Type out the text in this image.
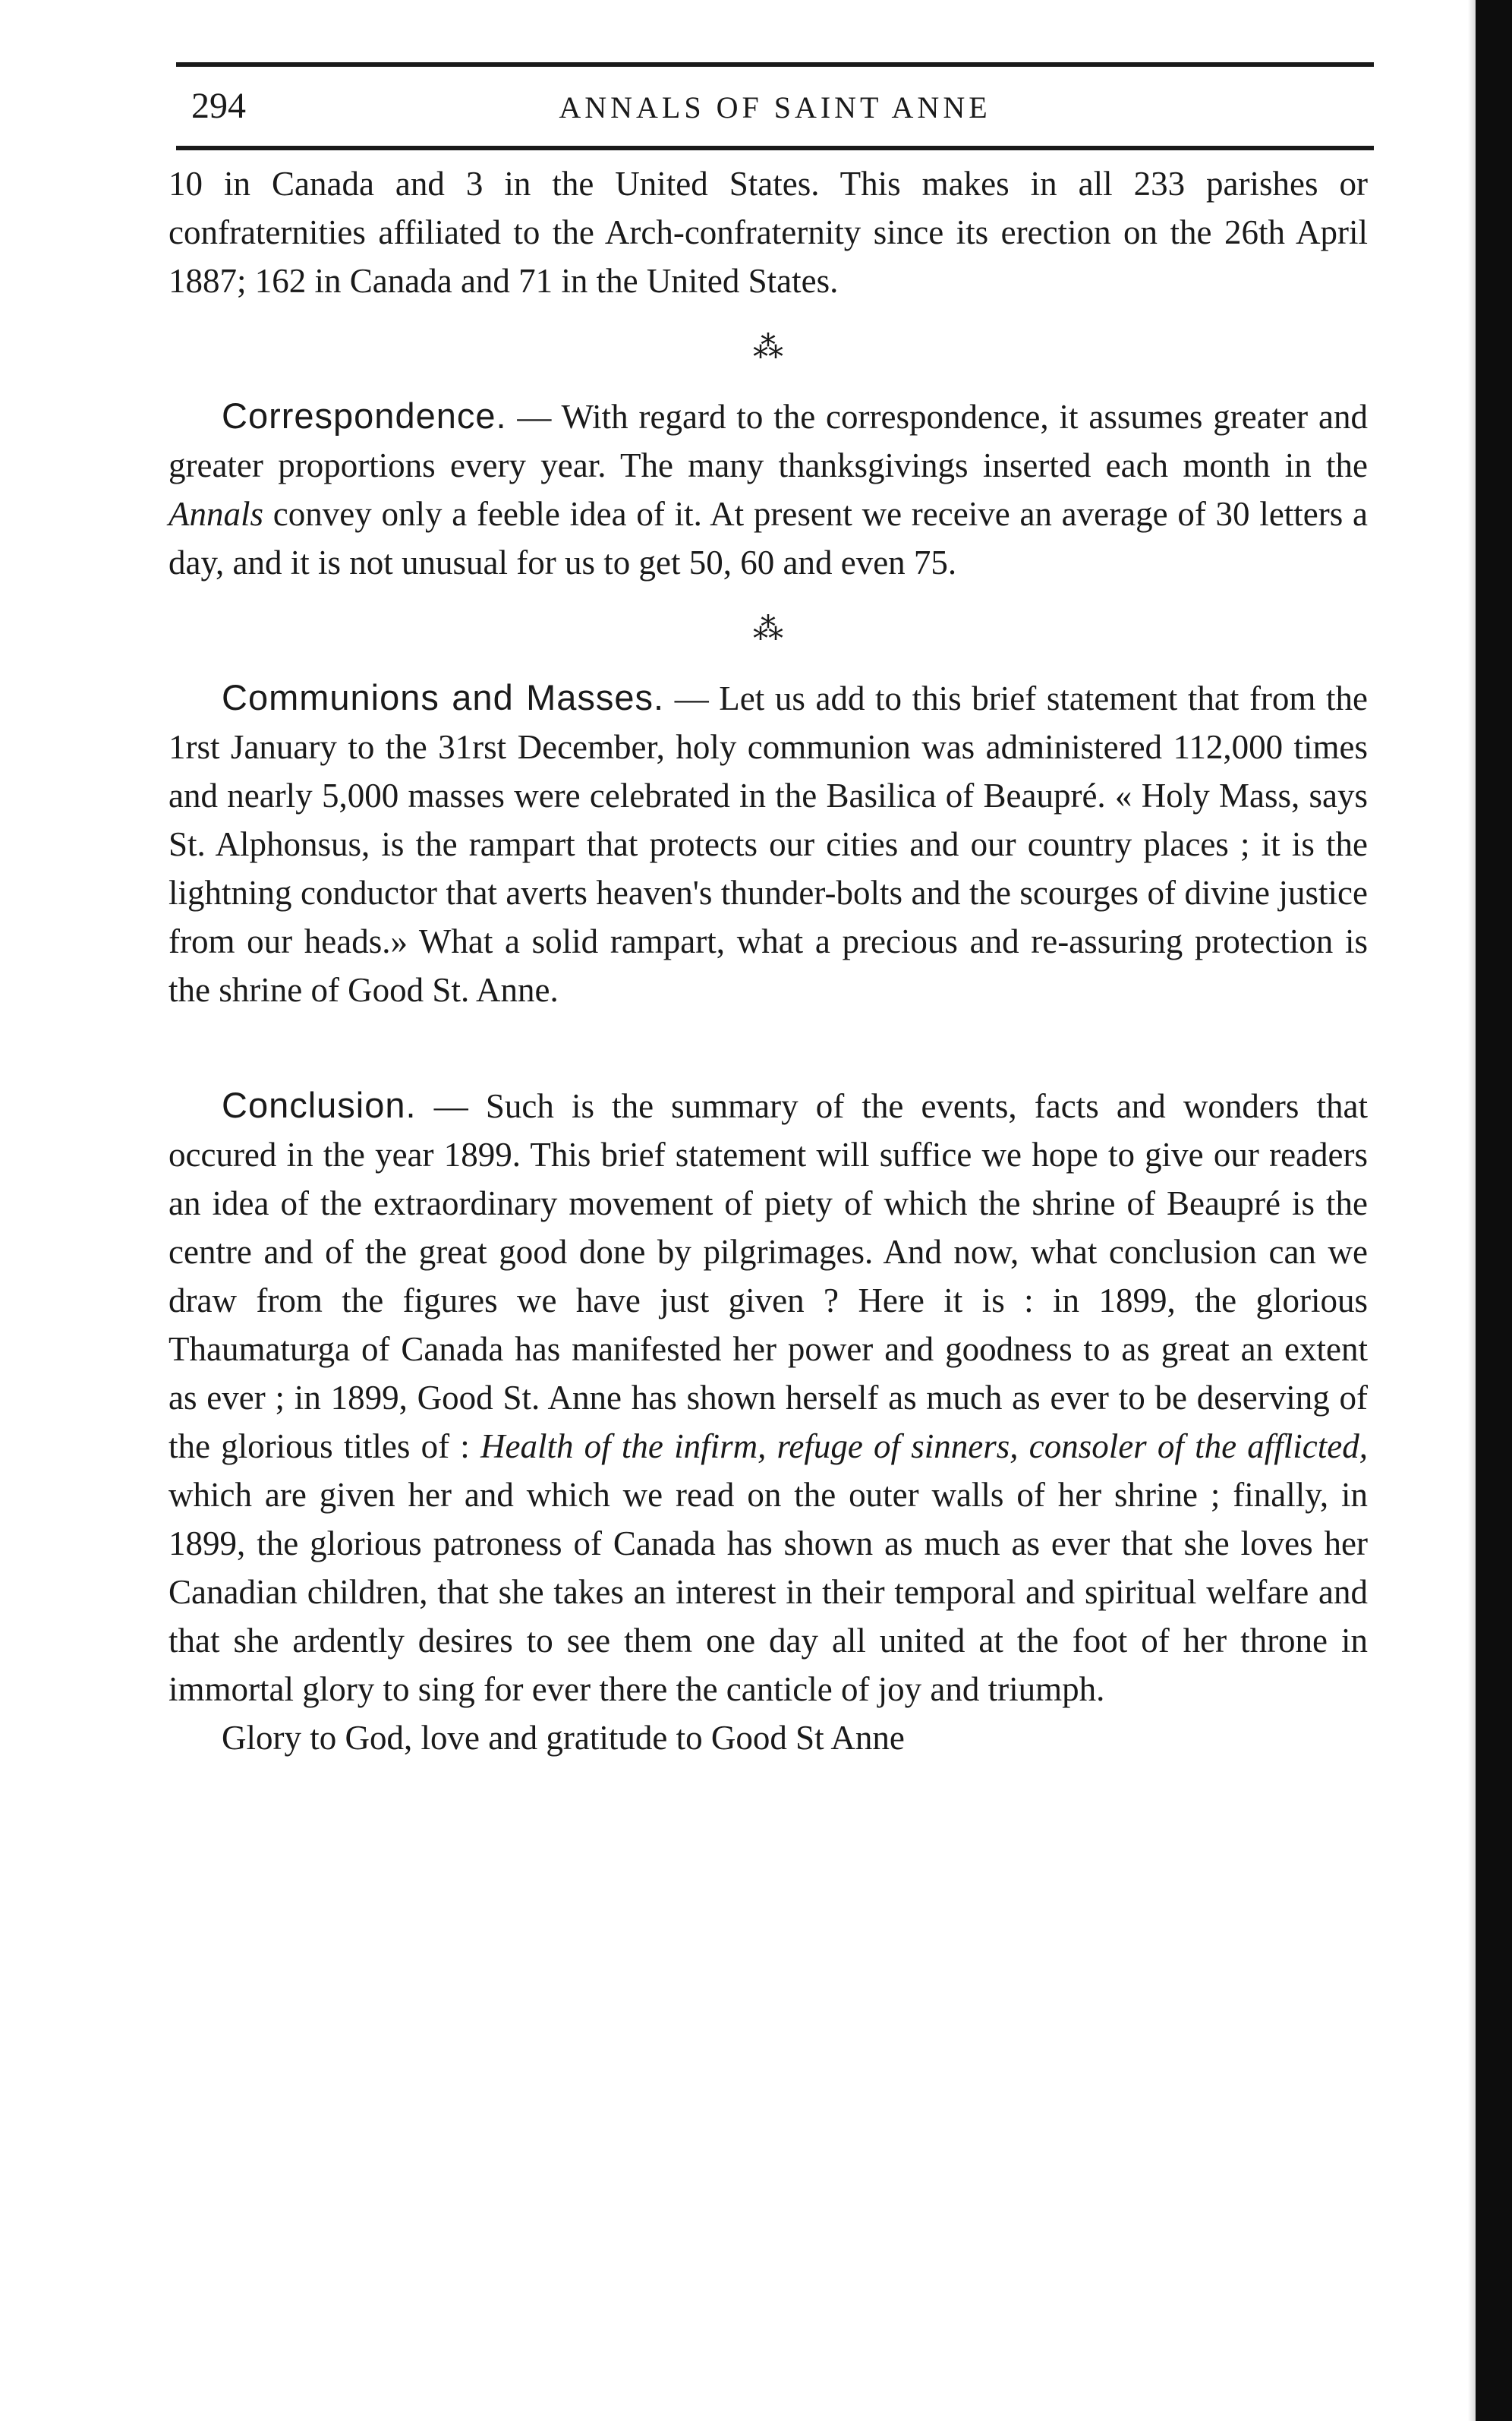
294	ANNALS OF SAINT ANNE

10 in Canada and 3 in the United States. This makes in all 233 parishes or confraternities affiliated to the Arch-confraternity since its erection on the 26th April 1887; 162 in Canada and 71 in the United States.

⁂

Correspondence. — With regard to the correspondence, it assumes greater and greater proportions every year. The many thanksgivings inserted each month in the Annals convey only a feeble idea of it. At present we receive an average of 30 letters a day, and it is not unusual for us to get 50, 60 and even 75.

⁂

Communions and Masses. — Let us add to this brief statement that from the 1rst January to the 31rst December, holy communion was administered 112,000 times and nearly 5,000 masses were celebrated in the Basilica of Beaupré. « Holy Mass, says St. Alphonsus, is the rampart that protects our cities and our country places ; it is the lightning conductor that averts heaven's thunder-bolts and the scourges of divine justice from our heads.» What a solid rampart, what a precious and re-assuring protection is the shrine of Good St. Anne.

Conclusion. — Such is the summary of the events, facts and wonders that occured in the year 1899. This brief statement will suffice we hope to give our readers an idea of the extraordinary movement of piety of which the shrine of Beaupré is the centre and of the great good done by pilgrimages. And now, what conclusion can we draw from the figures we have just given ? Here it is : in 1899, the glorious Thaumaturga of Canada has manifested her power and goodness to as great an extent as ever ; in 1899, Good St. Anne has shown herself as much as ever to be deserving of the glorious titles of : Health of the infirm, refuge of sinners, consoler of the afflicted, which are given her and which we read on the outer walls of her shrine ; finally, in 1899, the glorious patroness of Canada has shown as much as ever that she loves her Canadian children, that she takes an interest in their temporal and spiritual welfare and that she ardently desires to see them one day all united at the foot of her throne in immortal glory to sing for ever there the canticle of joy and triumph.

Glory to God, love and gratitude to Good St Anne
